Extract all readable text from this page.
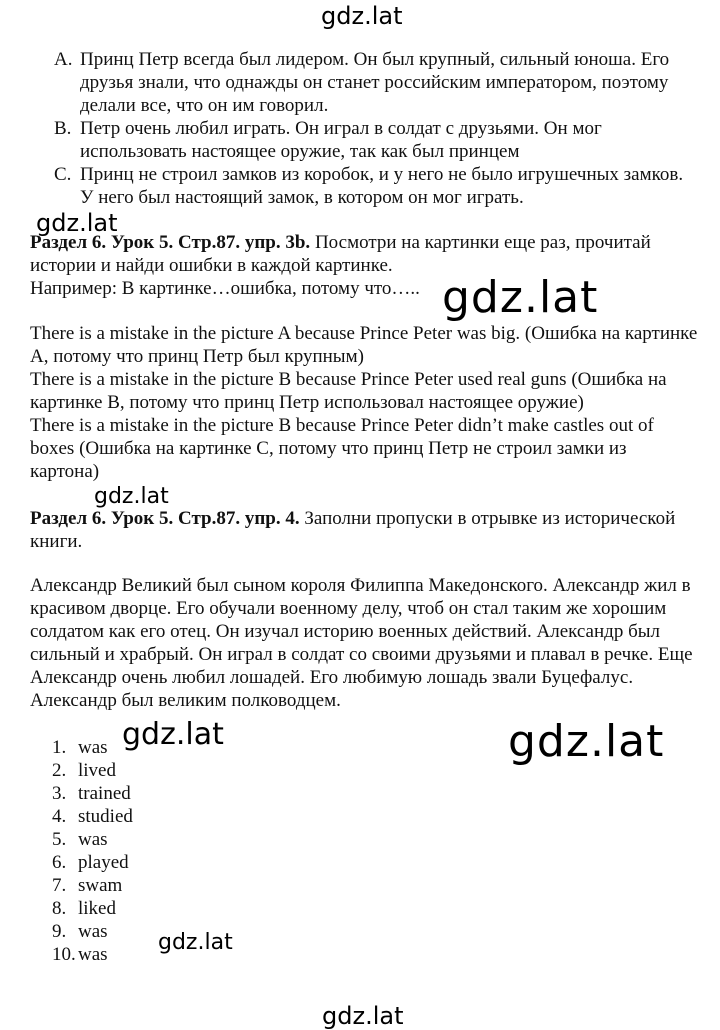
gdz.lat
A. Принц Петр всегда был лидером. Он был крупный, сильный юноша. Его друзья знали, что однажды он станет российским императором, поэтому делали все, что он им говорил.
B. Петр очень любил играть. Он играл в солдат с друзьями. Он мог использовать настоящее оружие, так как был принцем
C. Принц не строил замков из коробок, и у него не было игрушечных замков. У него был настоящий замок, в котором он мог играть.
gdz.lat
Раздел 6. Урок 5. Стр.87. упр. 3b. Посмотри на картинки еще раз, прочитай истории и найди ошибки в каждой картинке.
Например: В картинке…ошибка, потому что….. gdz.lat
There is a mistake in the picture A because Prince Peter was big. (Ошибка на картинке А, потому что принц Петр был крупным)
There is a mistake in the picture B because Prince Peter used real guns (Ошибка на картинке B, потому что принц Петр использовал настоящее оружие)
There is a mistake in the picture B because Prince Peter didn’t make castles out of boxes (Ошибка на картинке C, потому что принц Петр не строил замки из картона)
gdz.lat
Раздел 6. Урок 5. Стр.87. упр. 4. Заполни пропуски в отрывке из исторической книги.
Александр Великий был сыном короля Филиппа Македонского. Александр жил в красивом дворце. Его обучали военному делу, чтоб он стал таким же хорошим солдатом как его отец. Он изучал историю военных действий. Александр был сильный и храбрый. Он играл в солдат со своими друзьями и плавал в речке. Еще Александр очень любил лошадей. Его любимую лошадь звали Буцефалус. Александр был великим полководцем.
gdz.lat	gdz.lat
1. was
2. lived
3. trained
4. studied
5. was
6. played
7. swam
8. liked
9. was
10. was gdz.lat
gdz.lat
